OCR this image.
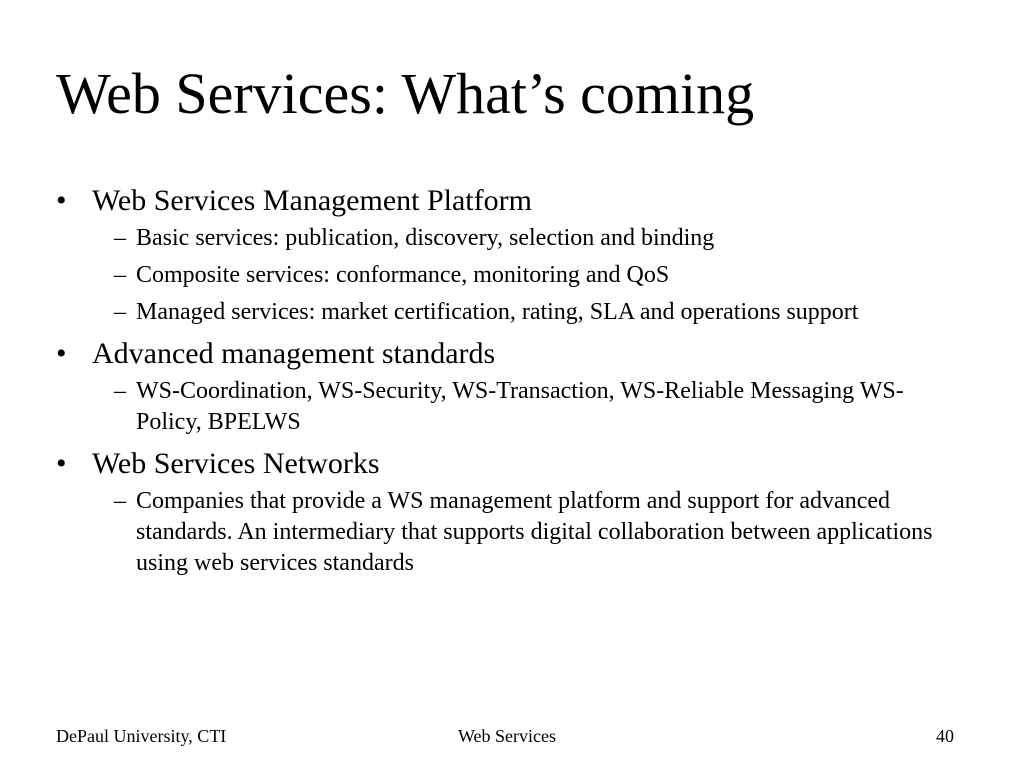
Web Services: What’s coming
• Web Services Management Platform
– Basic services: publication, discovery, selection and binding
– Composite services: conformance, monitoring and QoS
– Managed services: market certification, rating, SLA and operations support
• Advanced management standards
– WS-Coordination, WS-Security, WS-Transaction, WS-Reliable Messaging WS-Policy, BPELWS
• Web Services Networks
– Companies that provide a WS management platform and support for advanced standards. An intermediary that supports digital collaboration between applications using web services standards
DePaul University, CTI	Web Services	40
